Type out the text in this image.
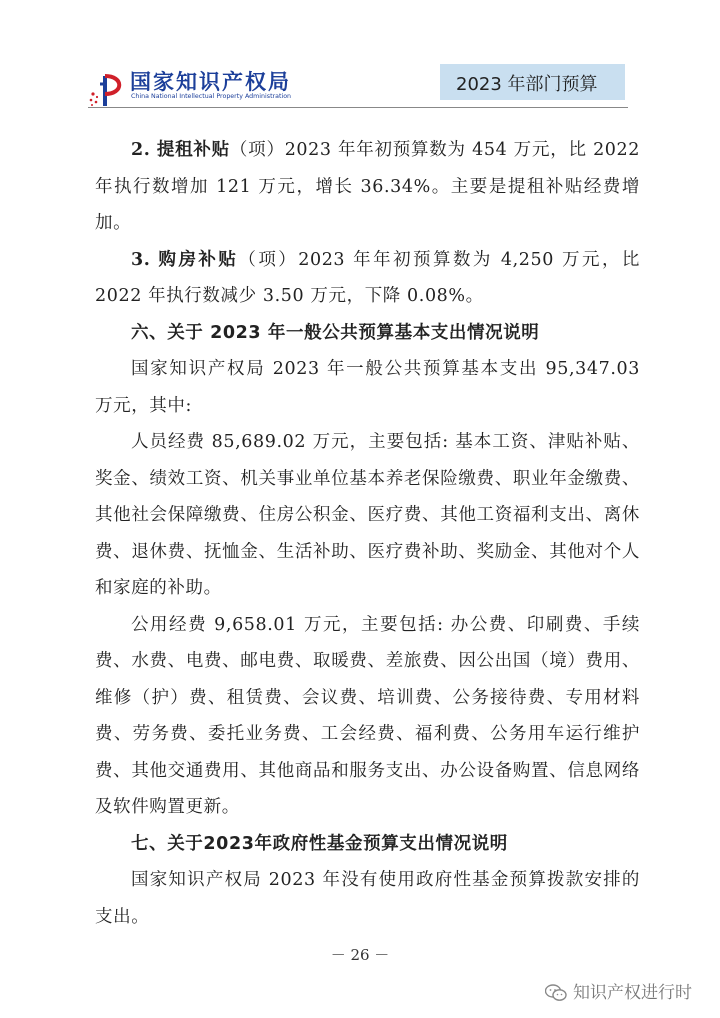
国家知识产权局
China National Intellectual Property Administration
2023 年部门预算

2. 提租补贴（项）2023 年年初预算数为 454 万元，比 2022 年执行数增加 121 万元，增长 36.34%。主要是提租补贴经费增加。

3. 购房补贴（项）2023 年年初预算数为 4,250 万元，比 2022 年执行数减少 3.50 万元，下降 0.08%。

六、关于 2023 年一般公共预算基本支出情况说明

国家知识产权局 2023 年一般公共预算基本支出 95,347.03 万元，其中:

人员经费 85,689.02 万元，主要包括: 基本工资、津贴补贴、奖金、绩效工资、机关事业单位基本养老保险缴费、职业年金缴费、其他社会保障缴费、住房公积金、医疗费、其他工资福利支出、离休费、退休费、抚恤金、生活补助、医疗费补助、奖励金、其他对个人和家庭的补助。

公用经费 9,658.01 万元，主要包括: 办公费、印刷费、手续费、水费、电费、邮电费、取暖费、差旅费、因公出国（境）费用、维修（护）费、租赁费、会议费、培训费、公务接待费、专用材料费、劳务费、委托业务费、工会经费、福利费、公务用车运行维护费、其他交通费用、其他商品和服务支出、办公设备购置、信息网络及软件购置更新。

七、关于2023年政府性基金预算支出情况说明

国家知识产权局 2023 年没有使用政府性基金预算拨款安排的支出。

－ 26 －
知识产权进行时
